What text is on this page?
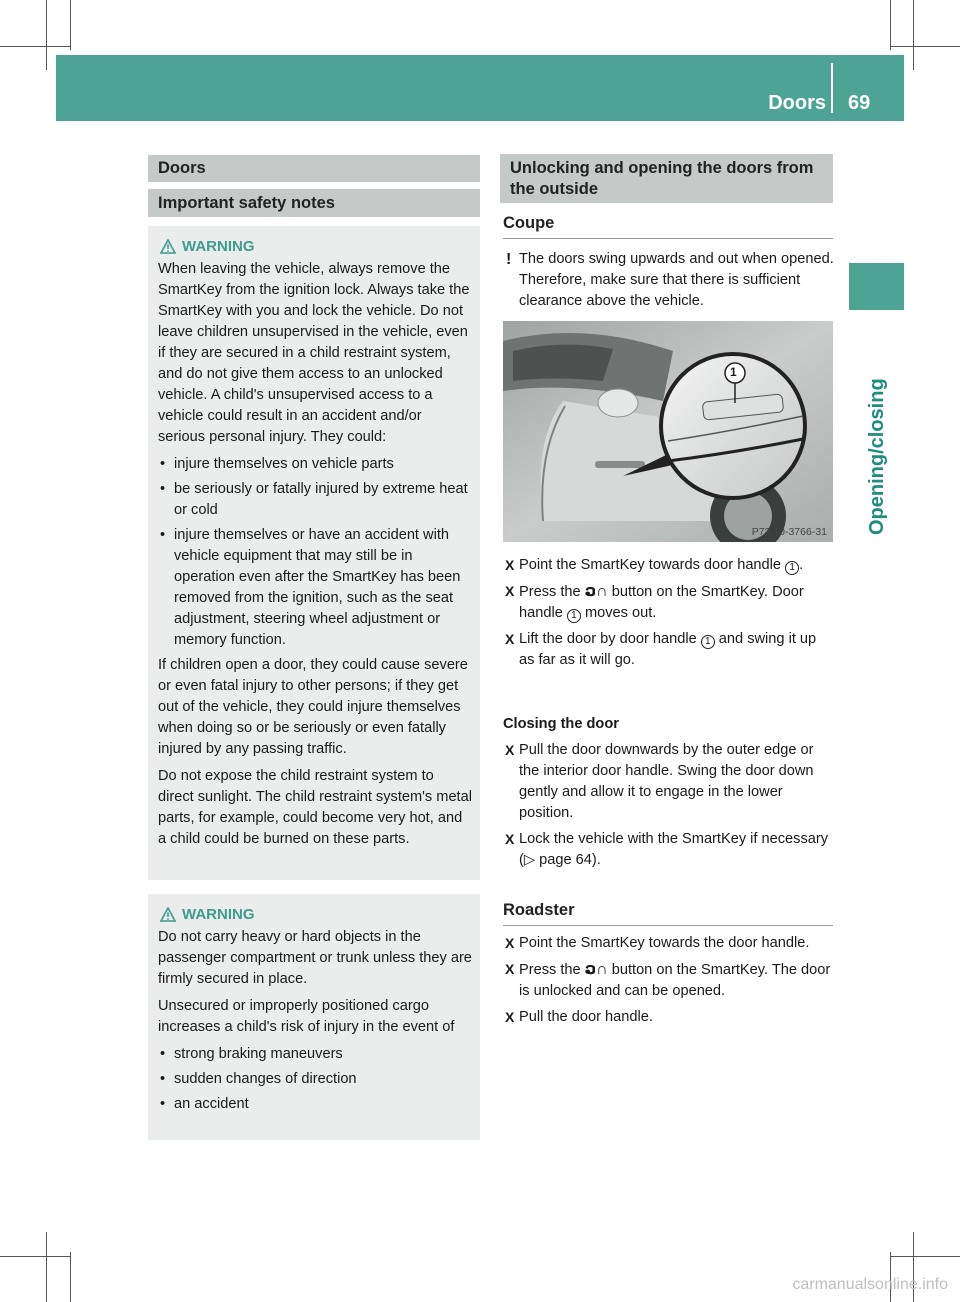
Doors 69
Opening/closing
Doors
Important safety notes
WARNING

When leaving the vehicle, always remove the SmartKey from the ignition lock. Always take the SmartKey with you and lock the vehicle. Do not leave children unsupervised in the vehicle, even if they are secured in a child restraint system, and do not give them access to an unlocked vehicle. A child's unsupervised access to a vehicle could result in an accident and/or serious personal injury. They could:

• injure themselves on vehicle parts
• be seriously or fatally injured by extreme heat or cold
• injure themselves or have an accident with vehicle equipment that may still be in operation even after the SmartKey has been removed from the ignition, such as the seat adjustment, steering wheel adjustment or memory function.

If children open a door, they could cause severe or even fatal injury to other persons; if they get out of the vehicle, they could injure themselves when doing so or be seriously or even fatally injured by any passing traffic.

Do not expose the child restraint system to direct sunlight. The child restraint system's metal parts, for example, could become very hot, and a child could be burned on these parts.

WARNING

Do not carry heavy or hard objects in the passenger compartment or trunk unless they are firmly secured in place.

Unsecured or improperly positioned cargo increases a child's risk of injury in the event of

• strong braking maneuvers
• sudden changes of direction
• an accident
Unlocking and opening the doors from the outside
Coupe
! The doors swing upwards and out when opened. Therefore, make sure that there is sufficient clearance above the vehicle.
1
P72.10-3766-31
X Point the SmartKey towards door handle 1 .
X Press the ວ∩ button on the SmartKey. Door handle 1 moves out.
X Lift the door by door handle 1 and swing it up as far as it will go.
Closing the door
X Pull the door downwards by the outer edge or the interior door handle. Swing the door down gently and allow it to engage in the lower position.
X Lock the vehicle with the SmartKey if necessary (▷ page 64).
Roadster
X Point the SmartKey towards the door handle.
X Press the ວ∩ button on the SmartKey. The door is unlocked and can be opened.
X Pull the door handle.
carmanualsonline.info
